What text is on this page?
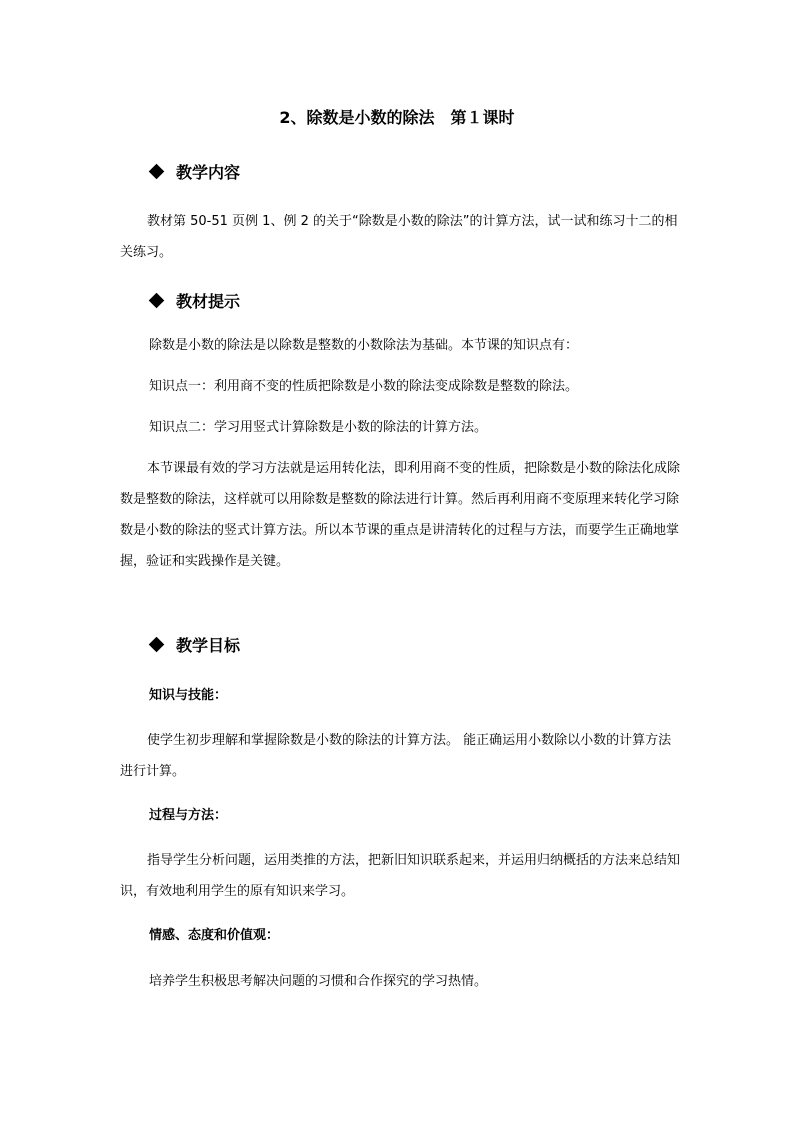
2、除数是小数的除法　第１课时
教学内容

教材第 50-51 页例 1、例 2 的关于“除数是小数的除法”的计算方法，试一试和练习十二的相关练习。

教材提示
除数是小数的除法是以除数是整数的小数除法为基础。本节课的知识点有：
知识点一：利用商不变的性质把除数是小数的除法变成除数是整数的除法。
知识点二：学习用竖式计算除数是小数的除法的计算方法。

本节课最有效的学习方法就是运用转化法，即利用商不变的性质，把除数是小数的除法化成除数是整数的除法，这样就可以用除数是整数的除法进行计算。然后再利用商不变原理来转化学习除数是小数的除法的竖式计算方法。所以本节课的重点是讲清转化的过程与方法，而要学生正确地掌握，验证和实践操作是关键。

教学目标
知识与技能：

使学生初步理解和掌握除数是小数的除法的计算方法。 能正确运用小数除以小数的计算方法进行计算。

过程与方法：

指导学生分析问题，运用类推的方法，把新旧知识联系起来，并运用归纳概括的方法来总结知识，有效地利用学生的原有知识来学习。

情感、态度和价值观：
培养学生积极思考解决问题的习惯和合作探究的学习热情。
